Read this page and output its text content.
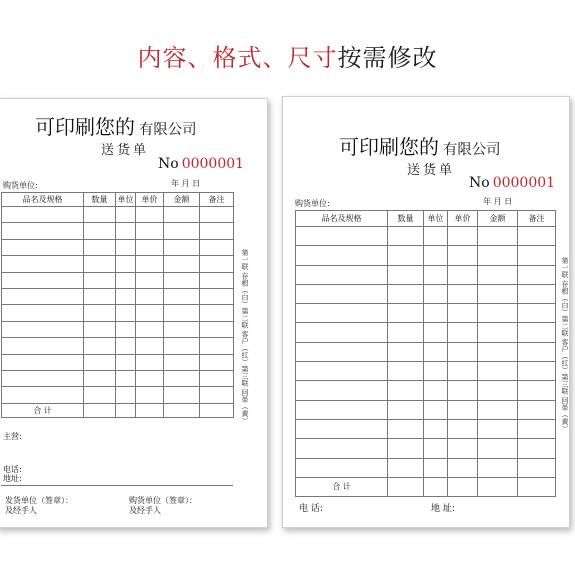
内容、格式、尺寸按需修改
可印刷您的 有限公司
送货单
No 0000001
年 月 日
购货单位:
品名及规格	数量	单位	单价	金额	备注

合 计					
主营:
电话:
地址:
发货单位（签章）：
及经手人
购货单位（签章）：
及经手人
第一联 存根（白）第二联 客户（红）第三联 回单（黄）
可印刷您的 有限公司
送货单
No 0000001
年 月 日
购货单位:
品名及规格	数量	单位	单价	金额	备注

合 计					
电 话:	地 址:
第一联 存根（白）第二联 客户（红）第三联 回单（黄）
